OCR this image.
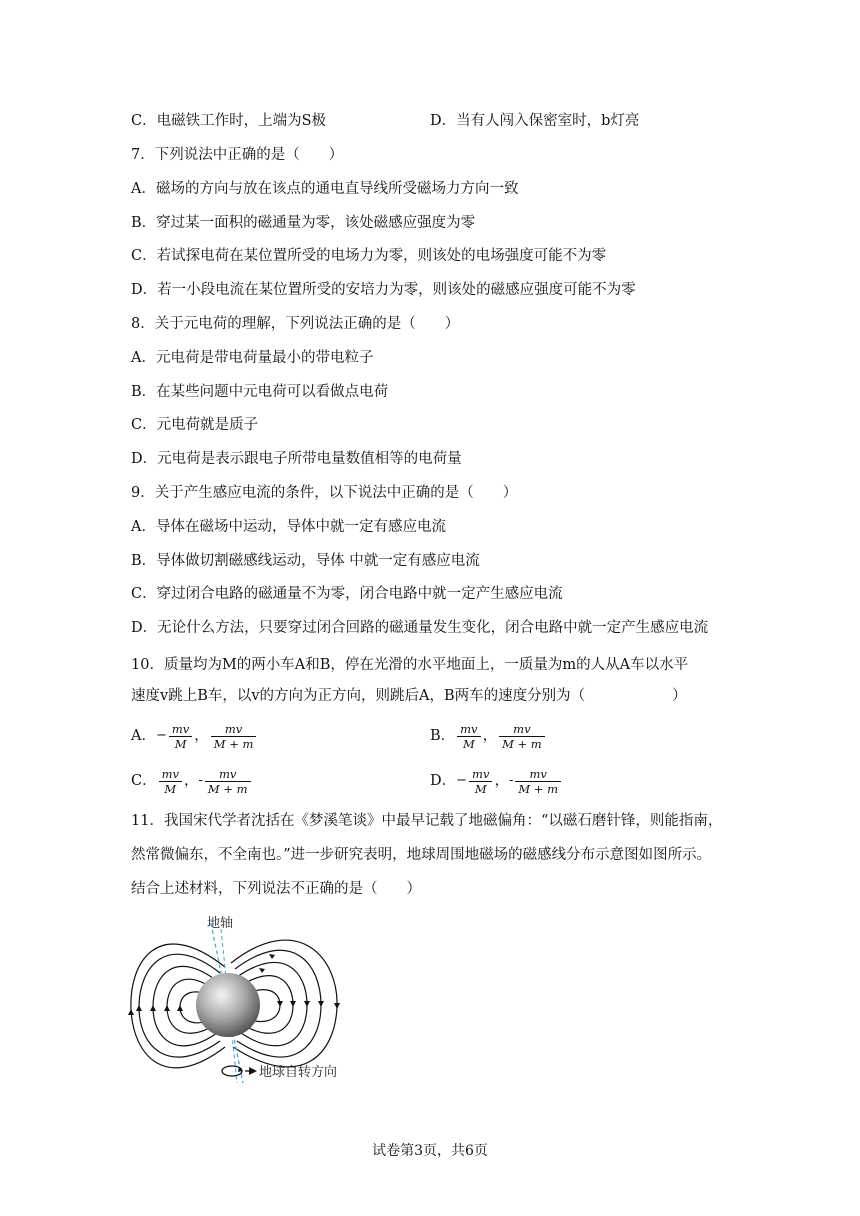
C．电磁铁工作时，上端为S极	D．当有人闯入保密室时，b灯亮
7．下列说法中正确的是（　　）
A．磁场的方向与放在该点的通电直导线所受磁场力方向一致
B．穿过某一面积的磁通量为零，该处磁感应强度为零
C．若试探电荷在某位置所受的电场力为零，则该处的电场强度可能不为零
D．若一小段电流在某位置所受的安培力为零，则该处的磁感应强度可能不为零
8．关于元电荷的理解，下列说法正确的是（　　）
A．元电荷是带电荷量最小的带电粒子
B．在某些问题中元电荷可以看做点电荷
C．元电荷就是质子
D．元电荷是表示跟电子所带电量数值相等的电荷量
9．关于产生感应电流的条件，以下说法中正确的是（　　）
A．导体在磁场中运动，导体中就一定有感应电流
B．导体做切割磁感线运动，导体 中就一定有感应电流
C．穿过闭合电路的磁通量不为零，闭合电路中就一定产生感应电流
D．无论什么方法，只要穿过闭合回路的磁通量发生变化，闭合电路中就一定产生感应电流
10．质量均为M的两小车A和B，停在光滑的水平地面上，一质量为m的人从A车以水平
速度v跳上B车，以v的方向为正方向，则跳后A，B两车的速度分别为（　　　　　　）
A．− $\frac{mv}{M}$ ， $\frac{mv}{M + m}$	B． $\frac{mv}{M}$ ， $\frac{mv}{M + m}$
C． $\frac{mv}{M}$ ，- $\frac{mv}{M + m}$	D．− $\frac{mv}{M}$ ，- $\frac{mv}{M + m}$
11．我国宋代学者沈括在《梦溪笔谈》中最早记载了地磁偏角：“以磁石磨针锋，则能指南，
然常微偏东，不全南也。”进一步研究表明，地球周围地磁场的磁感线分布示意图如图所示。
结合上述材料，下列说法不正确的是（　　）
地轴
地球自转方向
试卷第3页，共6页
